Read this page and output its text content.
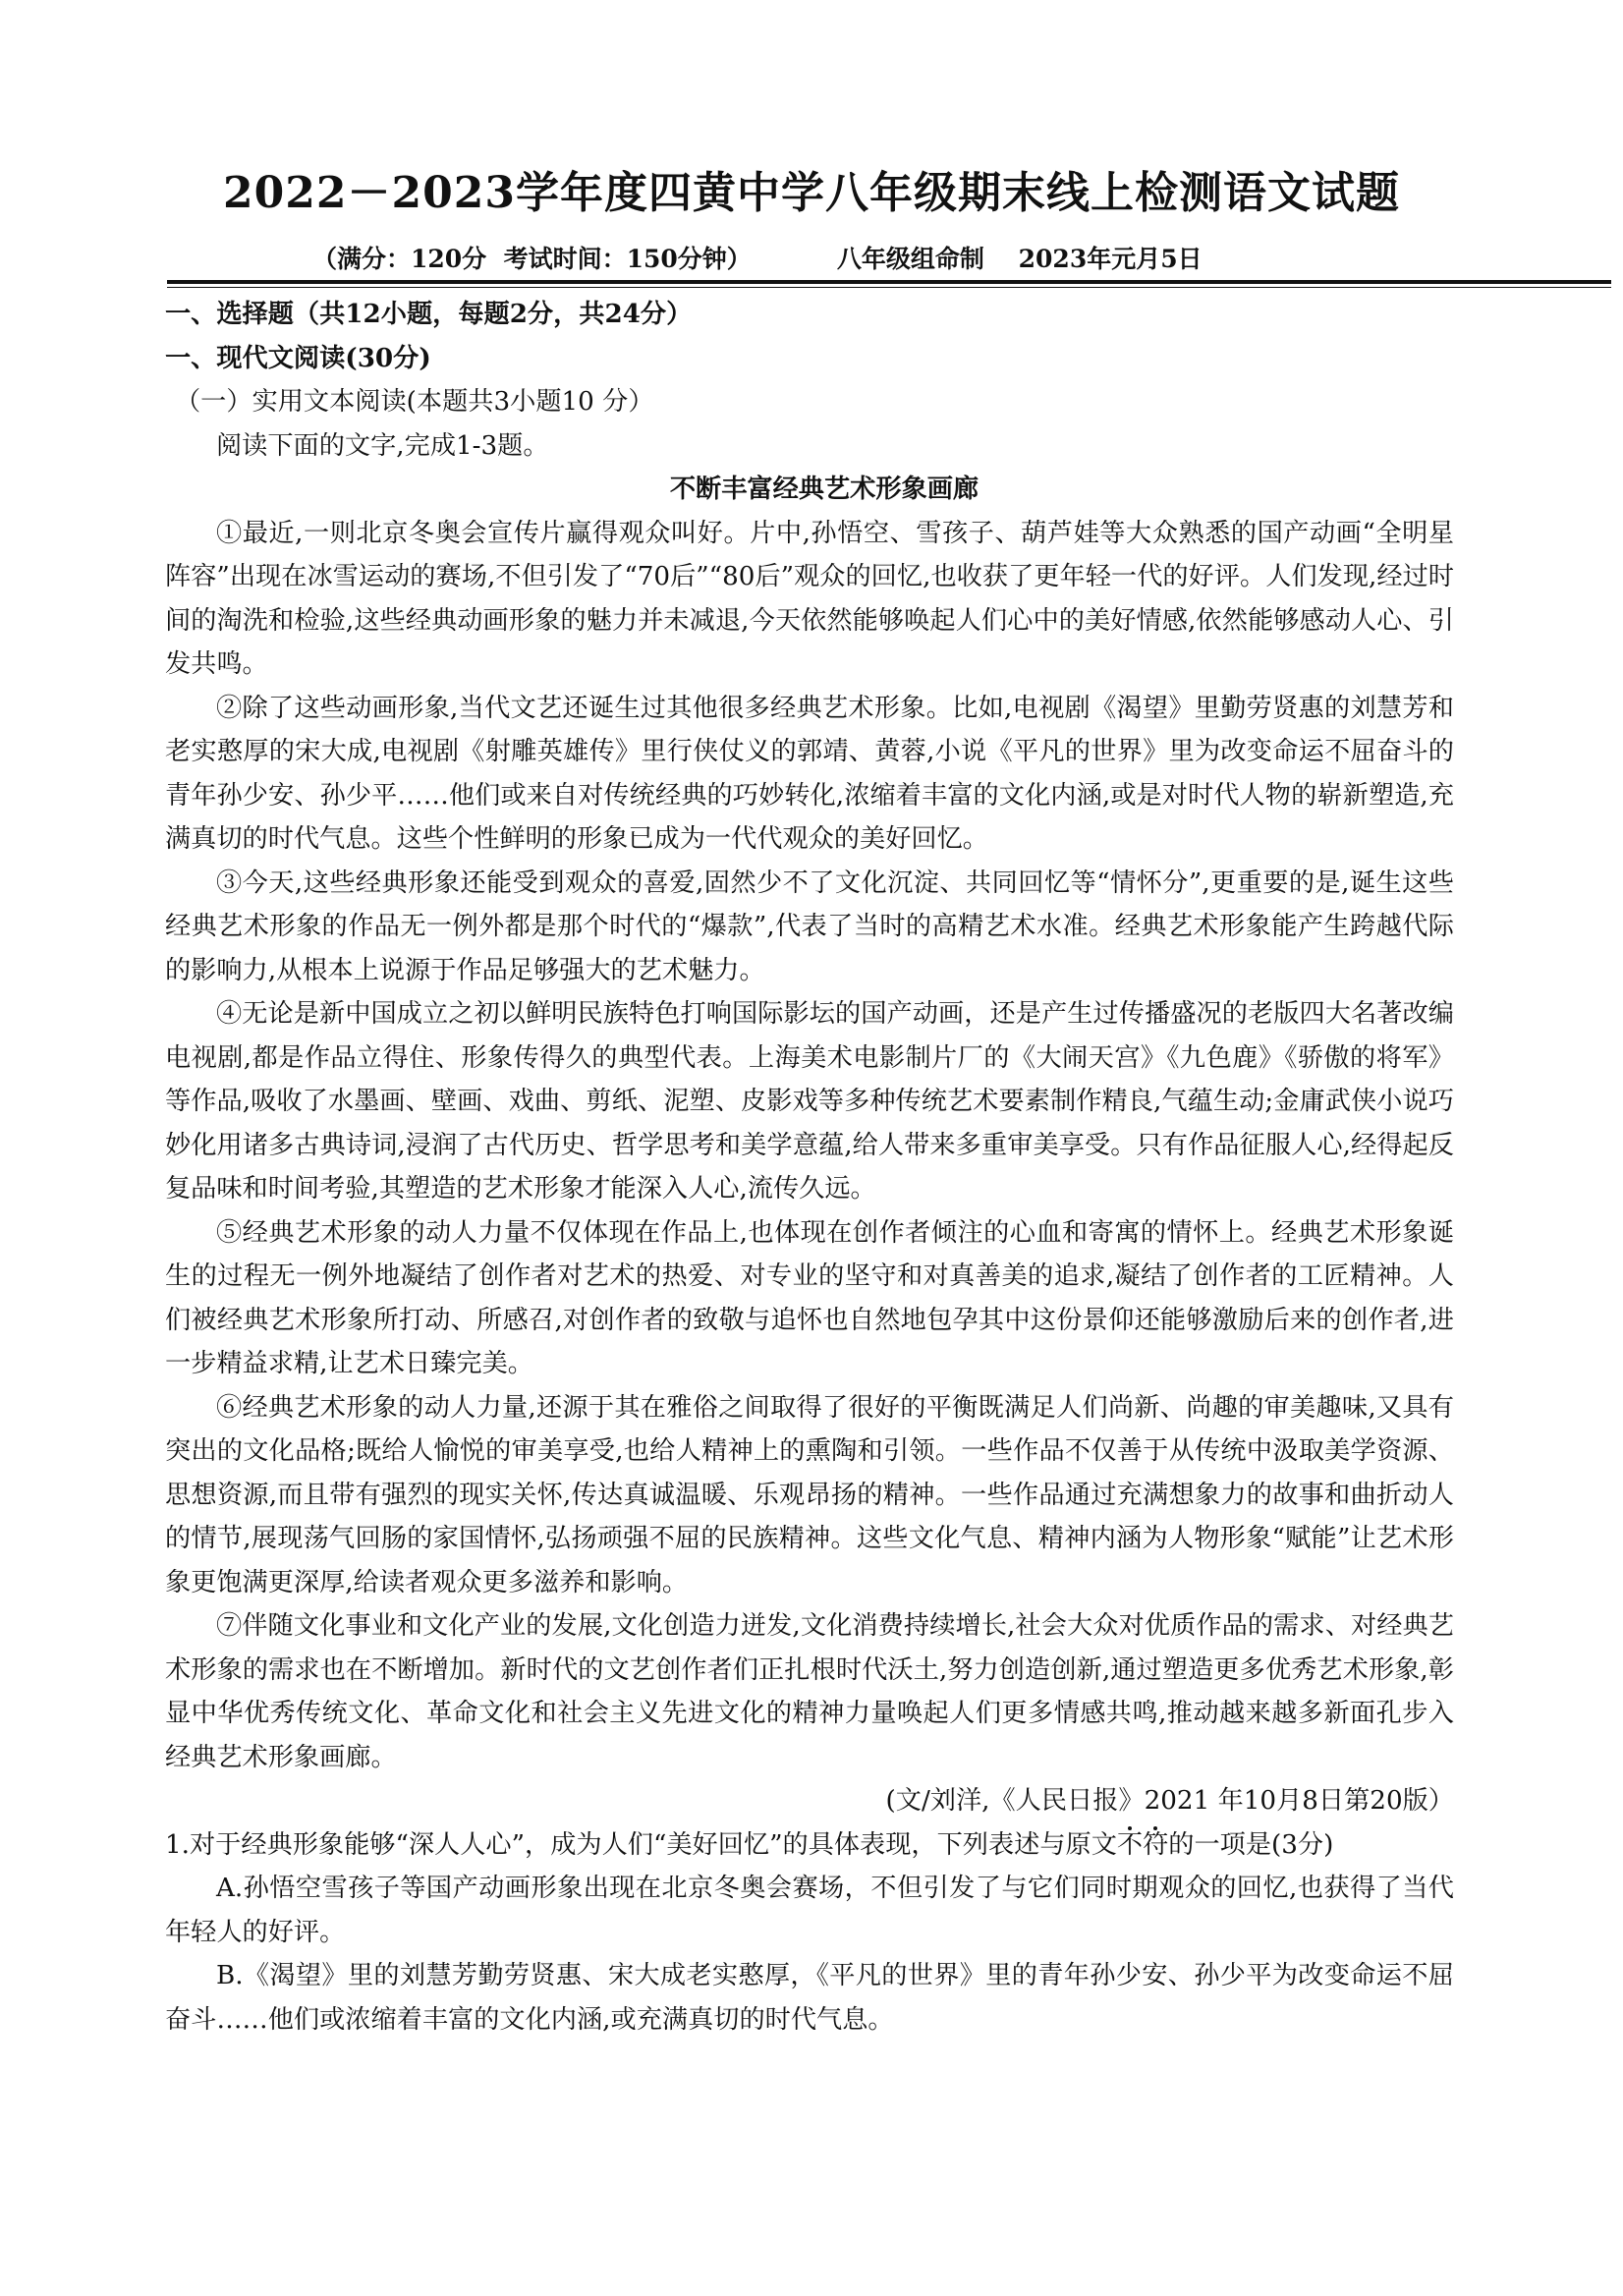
2022－2023学年度四黄中学八年级期末线上检测语文试题
（满分：120分  考试时间：150分钟）          八年级组命制    2023年元月5日
一、选择题（共12小题，每题2分，共24分）
一、现代文阅读(30分)
（一）实用文本阅读(本题共3小题10 分）
阅读下面的文字,完成1-3题。
不断丰富经典艺术形象画廊
①最近,一则北京冬奥会宣传片赢得观众叫好。片中,孙悟空、雪孩子、葫芦娃等大众熟悉的国产动画“全明星阵容”出现在冰雪运动的赛场,不但引发了“70后”“80后”观众的回忆,也收获了更年轻一代的好评。人们发现,经过时间的淘洗和检验,这些经典动画形象的魅力并未减退,今天依然能够唤起人们心中的美好情感,依然能够感动人心、引发共鸣。
②除了这些动画形象,当代文艺还诞生过其他很多经典艺术形象。比如,电视剧《渴望》里勤劳贤惠的刘慧芳和老实憨厚的宋大成,电视剧《射雕英雄传》里行侠仗义的郭靖、黄蓉,小说《平凡的世界》里为改变命运不屈奋斗的青年孙少安、孙少平……他们或来自对传统经典的巧妙转化,浓缩着丰富的文化内涵,或是对时代人物的崭新塑造,充满真切的时代气息。这些个性鲜明的形象已成为一代代观众的美好回忆。
③今天,这些经典形象还能受到观众的喜爱,固然少不了文化沉淀、共同回忆等“情怀分”,更重要的是,诞生这些经典艺术形象的作品无一例外都是那个时代的“爆款”,代表了当时的高精艺术水准。经典艺术形象能产生跨越代际的影响力,从根本上说源于作品足够强大的艺术魅力。
④无论是新中国成立之初以鲜明民族特色打响国际影坛的国产动画，还是产生过传播盛况的老版四大名著改编电视剧,都是作品立得住、形象传得久的典型代表。上海美术电影制片厂的《大闹天宫》《九色鹿》《骄傲的将军》等作品,吸收了水墨画、壁画、戏曲、剪纸、泥塑、皮影戏等多种传统艺术要素制作精良,气蕴生动;金庸武侠小说巧妙化用诸多古典诗词,浸润了古代历史、哲学思考和美学意蕴,给人带来多重审美享受。只有作品征服人心,经得起反复品味和时间考验,其塑造的艺术形象才能深入人心,流传久远。
⑤经典艺术形象的动人力量不仅体现在作品上,也体现在创作者倾注的心血和寄寓的情怀上。经典艺术形象诞生的过程无一例外地凝结了创作者对艺术的热爱、对专业的坚守和对真善美的追求,凝结了创作者的工匠精神。人们被经典艺术形象所打动、所感召,对创作者的致敬与追怀也自然地包孕其中这份景仰还能够激励后来的创作者,进一步精益求精,让艺术日臻完美。
⑥经典艺术形象的动人力量,还源于其在雅俗之间取得了很好的平衡既满足人们尚新、尚趣的审美趣味,又具有突出的文化品格;既给人愉悦的审美享受,也给人精神上的熏陶和引领。一些作品不仅善于从传统中汲取美学资源、思想资源,而且带有强烈的现实关怀,传达真诚温暖、乐观昂扬的精神。一些作品通过充满想象力的故事和曲折动人的情节,展现荡气回肠的家国情怀,弘扬顽强不屈的民族精神。这些文化气息、精神内涵为人物形象“赋能”让艺术形象更饱满更深厚,给读者观众更多滋养和影响。
⑦伴随文化事业和文化产业的发展,文化创造力迸发,文化消费持续增长,社会大众对优质作品的需求、对经典艺术形象的需求也在不断增加。新时代的文艺创作者们正扎根时代沃土,努力创造创新,通过塑造更多优秀艺术形象,彰显中华优秀传统文化、革命文化和社会主义先进文化的精神力量唤起人们更多情感共鸣,推动越来越多新面孔步入经典艺术形象画廊。
(文/刘洋,《人民日报》2021 年10月8日第20版）
1.对于经典形象能够“深人人心”，成为人们“美好回忆”的具体表现，下列表述与原文不符的一项是(3分)
A.孙悟空雪孩子等国产动画形象出现在北京冬奥会赛场，不但引发了与它们同时期观众的回忆,也获得了当代年轻人的好评。
B.《渴望》里的刘慧芳勤劳贤惠、宋大成老实憨厚，《平凡的世界》里的青年孙少安、孙少平为改变命运不屈奋斗……他们或浓缩着丰富的文化内涵,或充满真切的时代气息。
